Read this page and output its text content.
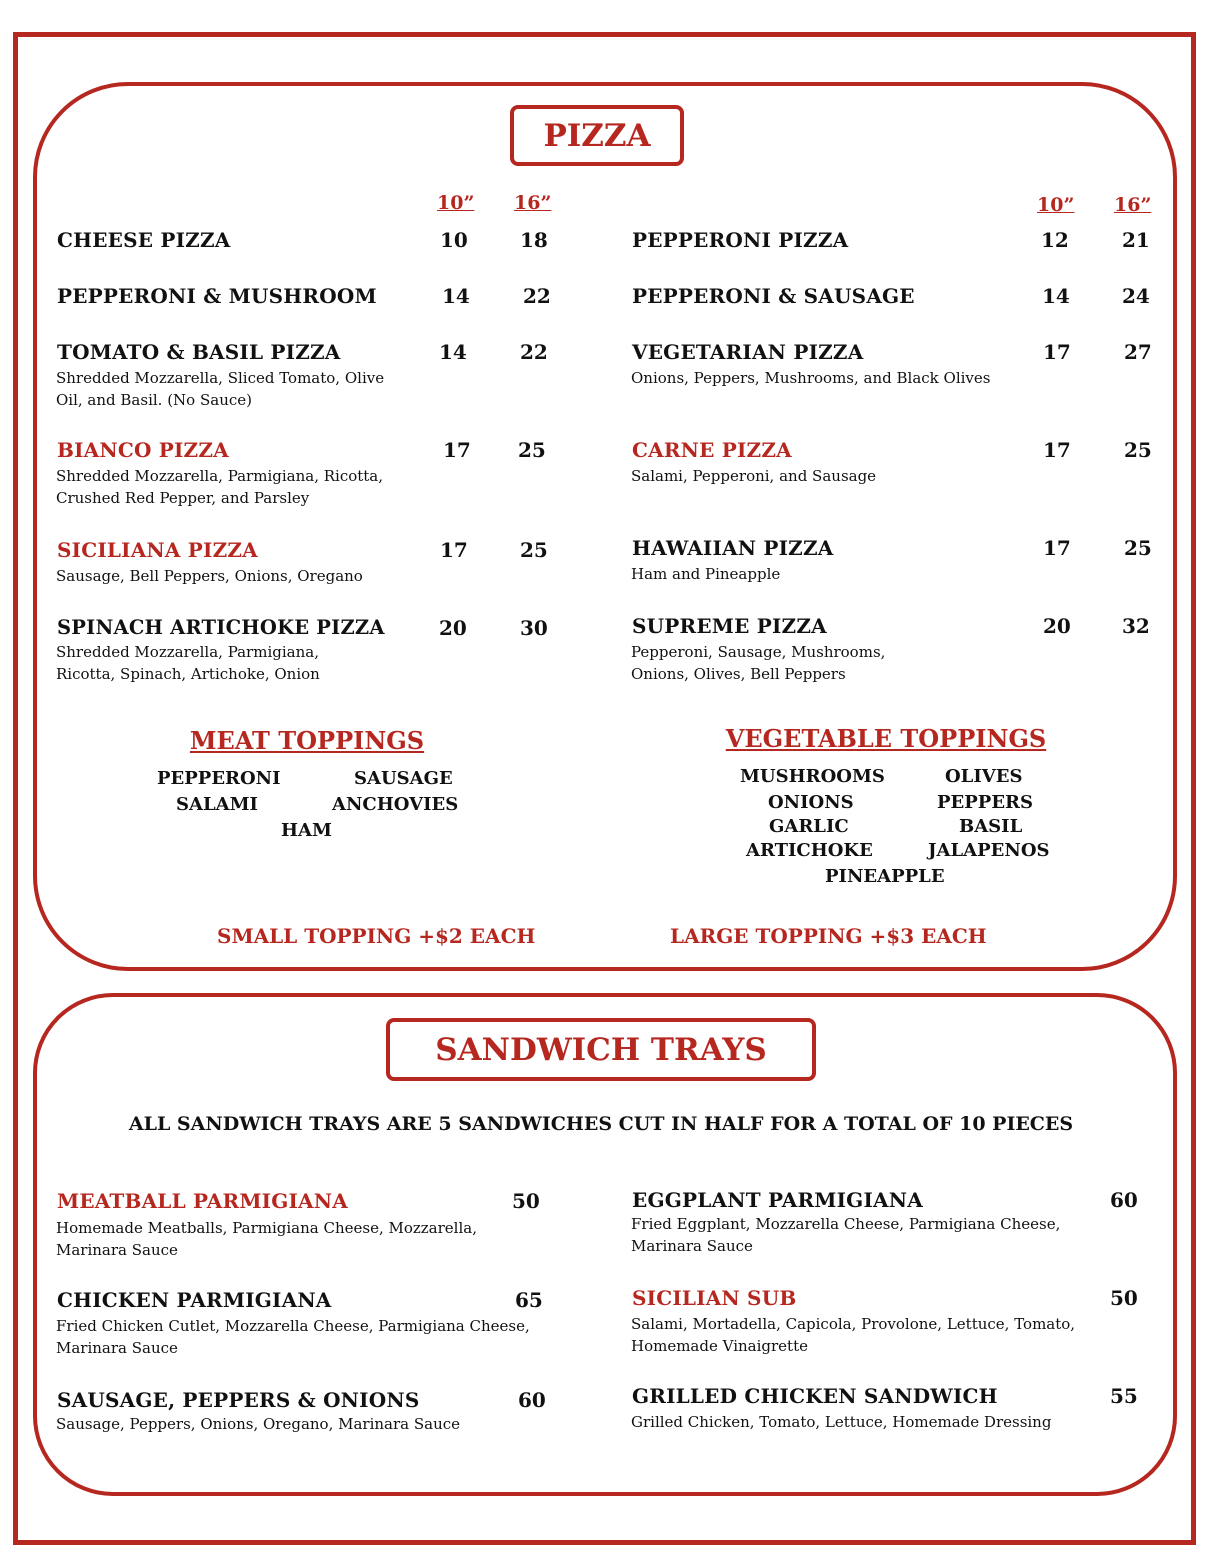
PIZZA
10” 16”	10” 16”
CHEESE PIZZA	10	18
PEPPERONI & MUSHROOM	14	22
TOMATO & BASIL PIZZA	14	22
Shredded Mozzarella, Sliced Tomato, Olive Oil, and Basil. (No Sauce)
BIANCO PIZZA	17 25
Shredded Mozzarella, Parmigiana, Ricotta, Crushed Red Pepper, and Parsley
SICILIANA PIZZA	17	25
Sausage, Bell Peppers, Onions, Oregano
SPINACH ARTICHOKE PIZZA	20	30
Shredded Mozzarella, Parmigiana, Ricotta, Spinach, Artichoke, Onion
PEPPERONI PIZZA	12	21
PEPPERONI & SAUSAGE	14	24
VEGETARIAN PIZZA	17	27
Onions, Peppers, Mushrooms, and Black Olives
CARNE PIZZA	17	25
Salami, Pepperoni, and Sausage
HAWAIIAN PIZZA	17	25
Ham and Pineapple
SUPREME PIZZA	20	32
Pepperoni, Sausage, Mushrooms, Onions, Olives, Bell Peppers
MEAT TOPPINGS
PEPPERONI	SAUSAGE
SALAMI	ANCHOVIES
HAM
VEGETABLE TOPPINGS
MUSHROOMS	OLIVES
ONIONS	PEPPERS
GARLIC	BASIL
ARTICHOKE	JALAPENOS
PINEAPPLE
SMALL TOPPING +$2 EACH	LARGE TOPPING +$3 EACH
SANDWICH TRAYS
ALL SANDWICH TRAYS ARE 5 SANDWICHES CUT IN HALF FOR A TOTAL OF 10 PIECES
MEATBALL PARMIGIANA	50
Homemade Meatballs, Parmigiana Cheese, Mozzarella, Marinara Sauce
CHICKEN PARMIGIANA	65
Fried Chicken Cutlet, Mozzarella Cheese, Parmigiana Cheese, Marinara Sauce
SAUSAGE, PEPPERS & ONIONS	60
Sausage, Peppers, Onions, Oregano, Marinara Sauce
EGGPLANT PARMIGIANA	60
Fried Eggplant, Mozzarella Cheese, Parmigiana Cheese, Marinara Sauce
SICILIAN SUB	50
Salami, Mortadella, Capicola, Provolone, Lettuce, Tomato, Homemade Vinaigrette
GRILLED CHICKEN SANDWICH	55
Grilled Chicken, Tomato, Lettuce, Homemade Dressing
